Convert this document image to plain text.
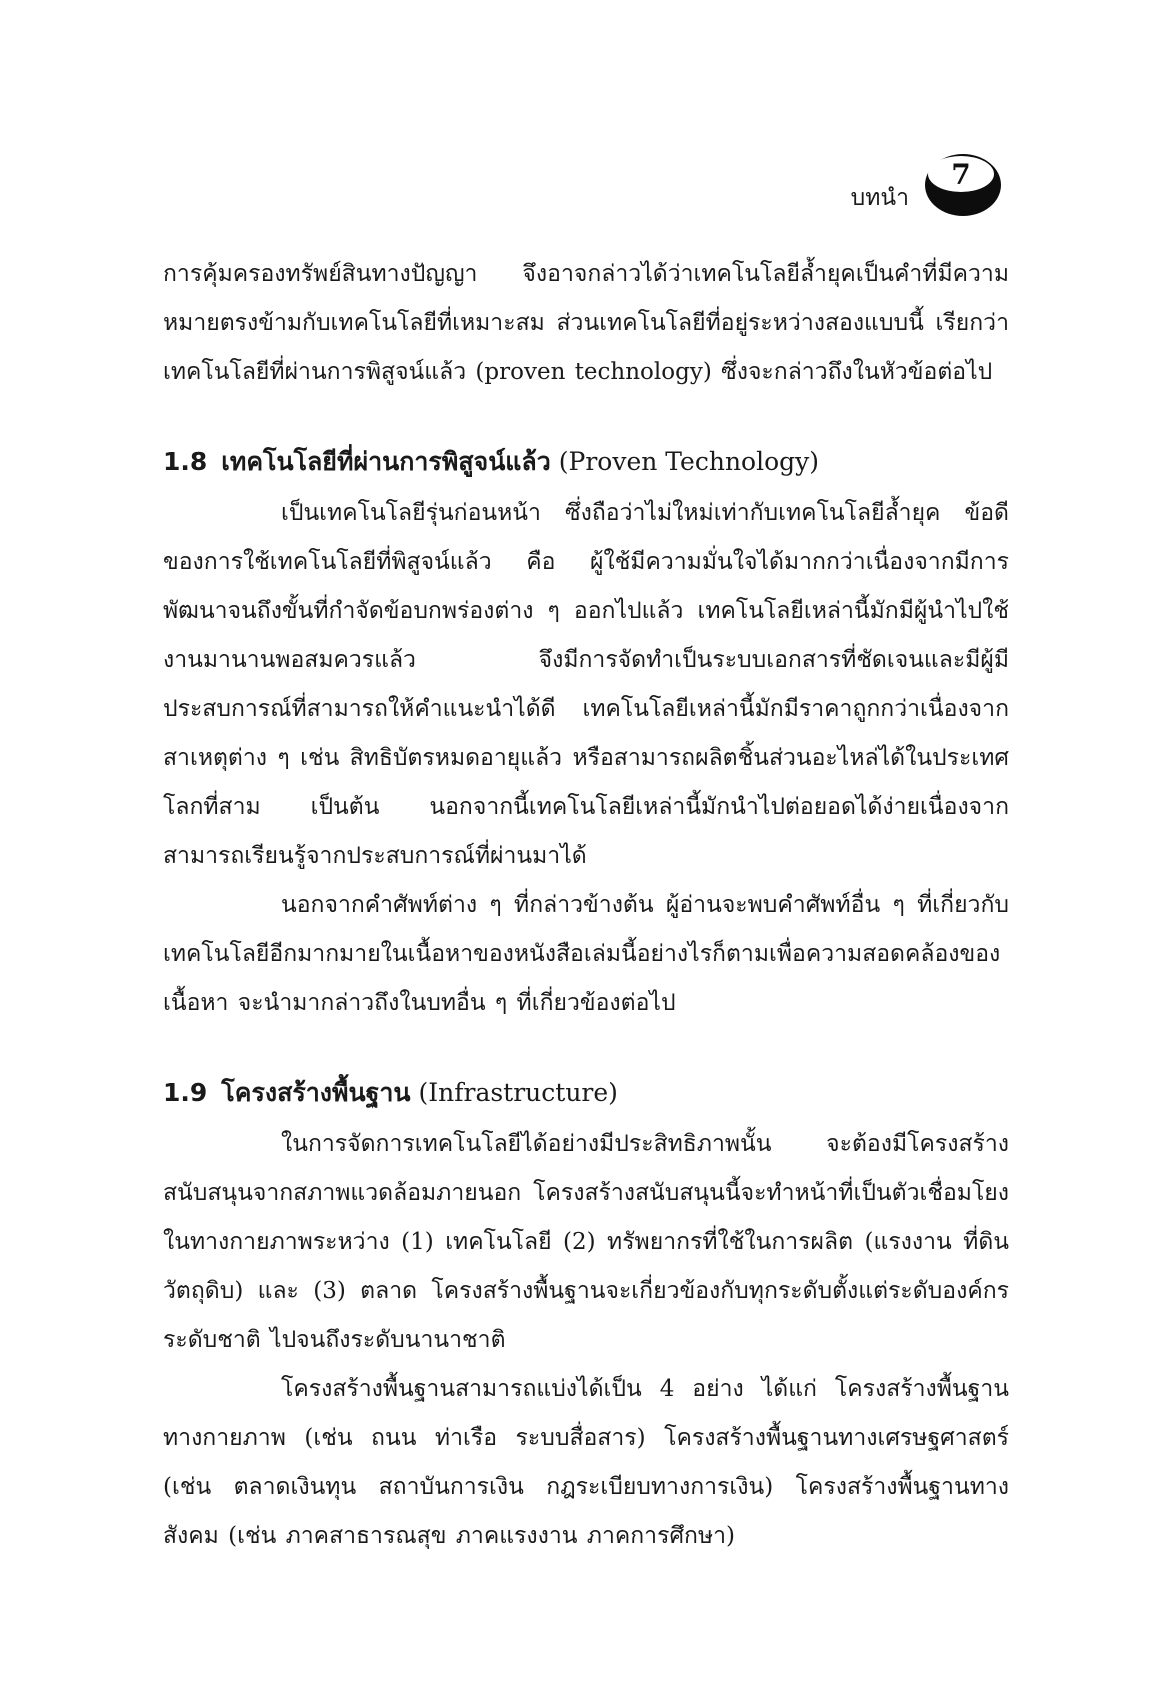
บทนำ
7

การคุ้มครองทรัพย์สินทางปัญญา จึงอาจกล่าวได้ว่าเทคโนโลยีล้ำยุคเป็นคำที่มีความหมายตรงข้ามกับเทคโนโลยีที่เหมาะสม ส่วนเทคโนโลยีที่อยู่ระหว่างสองแบบนี้ เรียกว่า เทคโนโลยีที่ผ่านการพิสูจน์แล้ว (proven technology) ซึ่งจะกล่าวถึงในหัวข้อต่อไป

1.8 เทคโนโลยีที่ผ่านการพิสูจน์แล้ว (Proven Technology)

เป็นเทคโนโลยีรุ่นก่อนหน้า ซึ่งถือว่าไม่ใหม่เท่ากับเทคโนโลยีล้ำยุค ข้อดีของการใช้เทคโนโลยีที่พิสูจน์แล้ว คือ ผู้ใช้มีความมั่นใจได้มากกว่าเนื่องจากมีการพัฒนาจนถึงขั้นที่กำจัดข้อบกพร่องต่าง ๆ ออกไปแล้ว เทคโนโลยีเหล่านี้มักมีผู้นำไปใช้งานมานานพอสมควรแล้ว จึงมีการจัดทำเป็นระบบเอกสารที่ชัดเจนและมีผู้มีประสบการณ์ที่สามารถให้คำแนะนำได้ดี เทคโนโลยีเหล่านี้มักมีราคาถูกกว่าเนื่องจากสาเหตุต่าง ๆ เช่น สิทธิบัตรหมดอายุแล้ว หรือสามารถผลิตชิ้นส่วนอะไหล่ได้ในประเทศโลกที่สาม เป็นต้น นอกจากนี้เทคโนโลยีเหล่านี้มักนำไปต่อยอดได้ง่ายเนื่องจากสามารถเรียนรู้จากประสบการณ์ที่ผ่านมาได้

นอกจากคำศัพท์ต่าง ๆ ที่กล่าวข้างต้น ผู้อ่านจะพบคำศัพท์อื่น ๆ ที่เกี่ยวกับเทคโนโลยีอีกมากมายในเนื้อหาของหนังสือเล่มนี้อย่างไรก็ตามเพื่อความสอดคล้องของเนื้อหา จะนำมากล่าวถึงในบทอื่น ๆ ที่เกี่ยวข้องต่อไป

1.9 โครงสร้างพื้นฐาน (Infrastructure)

ในการจัดการเทคโนโลยีได้อย่างมีประสิทธิภาพนั้น จะต้องมีโครงสร้างสนับสนุนจากสภาพแวดล้อมภายนอก โครงสร้างสนับสนุนนี้จะทำหน้าที่เป็นตัวเชื่อมโยงในทางกายภาพระหว่าง (1) เทคโนโลยี (2) ทรัพยากรที่ใช้ในการผลิต (แรงงาน ที่ดิน วัตถุดิบ) และ (3) ตลาด โครงสร้างพื้นฐานจะเกี่ยวข้องกับทุกระดับตั้งแต่ระดับองค์กร ระดับชาติ ไปจนถึงระดับนานาชาติ

โครงสร้างพื้นฐานสามารถแบ่งได้เป็น 4 อย่าง ได้แก่ โครงสร้างพื้นฐานทางกายภาพ (เช่น ถนน ท่าเรือ ระบบสื่อสาร) โครงสร้างพื้นฐานทางเศรษฐศาสตร์ (เช่น ตลาดเงินทุน สถาบันการเงิน กฎระเบียบทางการเงิน) โครงสร้างพื้นฐานทางสังคม (เช่น ภาคสาธารณสุข ภาคแรงงาน ภาคการศึกษา)
